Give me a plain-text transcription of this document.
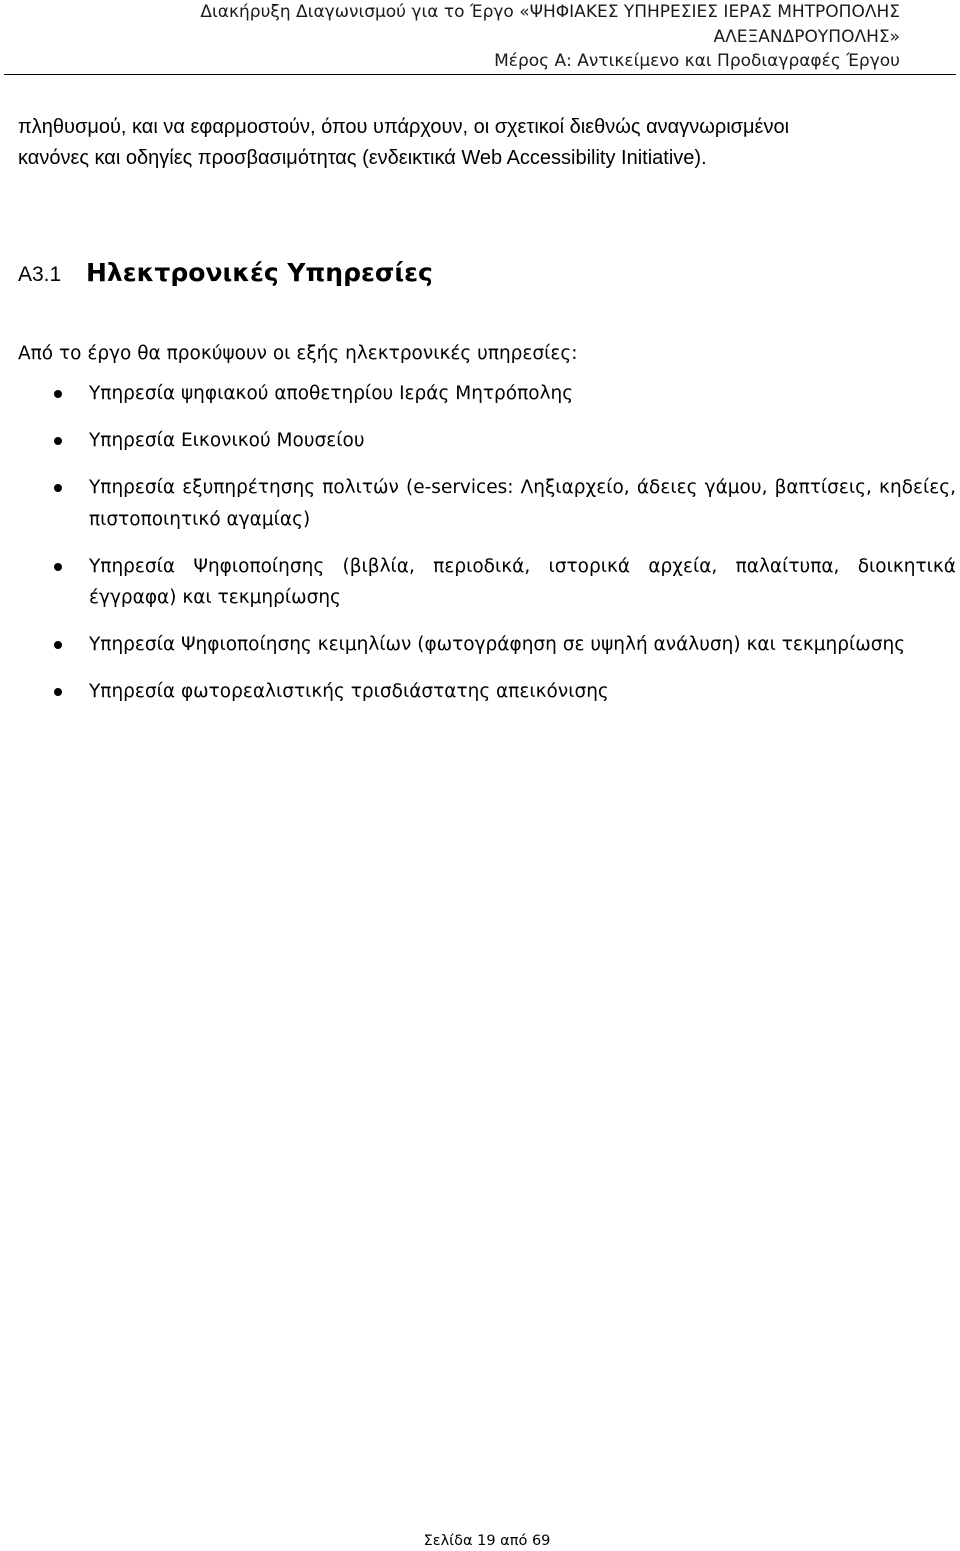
Διακήρυξη Διαγωνισμού για το Έργο «ΨΗΦΙΑΚΕΣ ΥΠΗΡΕΣΙΕΣ ΙΕΡΑΣ ΜΗΤΡΟΠΟΛΗΣ
ΑΛΕΞΑΝΔΡΟΥΠΟΛΗΣ»
Μέρος Α: Αντικείμενο και Προδιαγραφές Έργου

πληθυσμού, και να εφαρμοστούν, όπου υπάρχουν, οι σχετικοί διεθνώς αναγνωρισμένοι
κανόνες και οδηγίες προσβασιμότητας (ενδεικτικά Web Accessibility Initiative).

Α3.1 Ηλεκτρονικές Υπηρεσίες

Από το έργο θα προκύψουν οι εξής ηλεκτρονικές υπηρεσίες:

Υπηρεσία ψηφιακού αποθετηρίου Ιεράς Μητρόπολης
Υπηρεσία Εικονικού Μουσείου
Υπηρεσία εξυπηρέτησης πολιτών (e-services: Ληξιαρχείο, άδειες γάμου, βαπτίσεις, κηδείες, πιστοποιητικό αγαμίας)
Υπηρεσία Ψηφιοποίησης (βιβλία, περιοδικά, ιστορικά αρχεία, παλαίτυπα, διοικητικά έγγραφα) και τεκμηρίωσης
Υπηρεσία Ψηφιοποίησης κειμηλίων (φωτογράφηση σε υψηλή ανάλυση) και τεκμηρίωσης
Υπηρεσία φωτορεαλιστικής τρισδιάστατης απεικόνισης
Σελίδα 19 από 69
